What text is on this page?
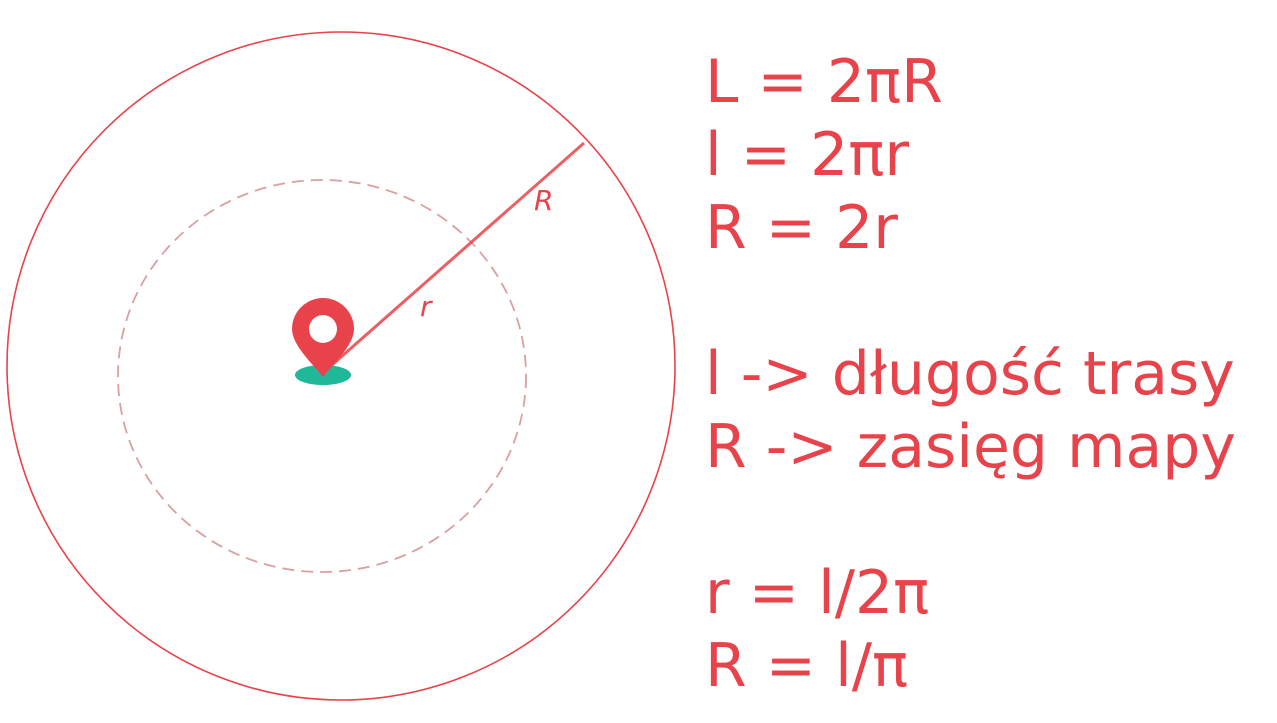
R
r
L = 2πR
l = 2πr
R = 2r
l -> długość trasy
R -> zasięg mapy
r = l/2π
R = l/π
